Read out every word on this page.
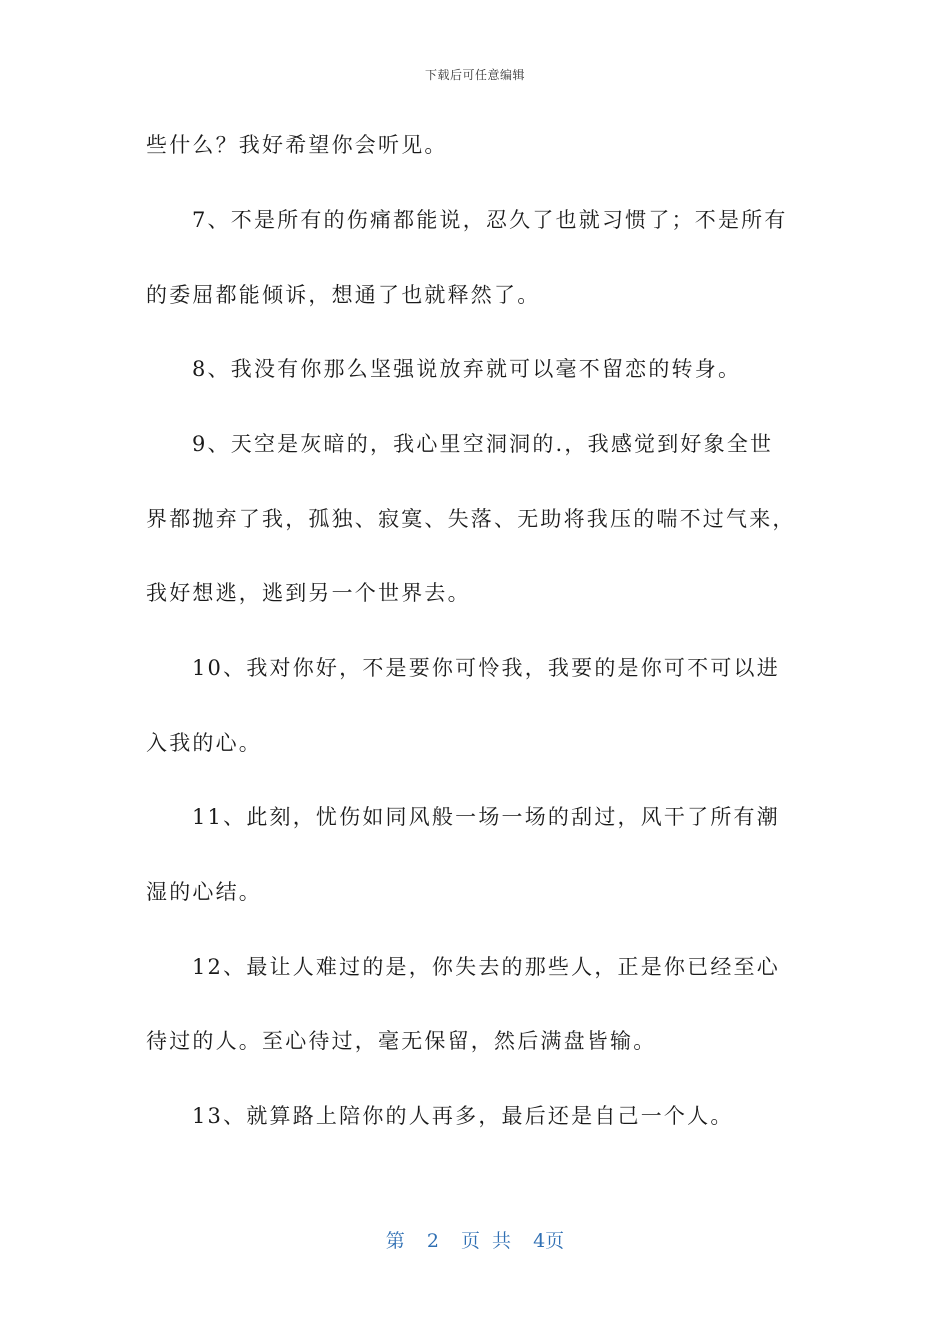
下载后可任意编辑
些什么？我好希望你会听见。
7、不是所有的伤痛都能说，忍久了也就习惯了；不是所有
的委屈都能倾诉，想通了也就释然了。
8、我没有你那么坚强说放弃就可以毫不留恋的转身。
9、天空是灰暗的，我心里空洞洞的.，我感觉到好象全世
界都抛弃了我，孤独、寂寞、失落、无助将我压的喘不过气来，
我好想逃，逃到另一个世界去。
10、我对你好，不是要你可怜我，我要的是你可不可以进
入我的心。
11、此刻，忧伤如同风般一场一场的刮过，风干了所有潮
湿的心结。
12、最让人难过的是，你失去的那些人，正是你已经至心
待过的人。至心待过，毫无保留，然后满盘皆输。
13、就算路上陪你的人再多，最后还是自己一个人。
第 2 页 共 4页
